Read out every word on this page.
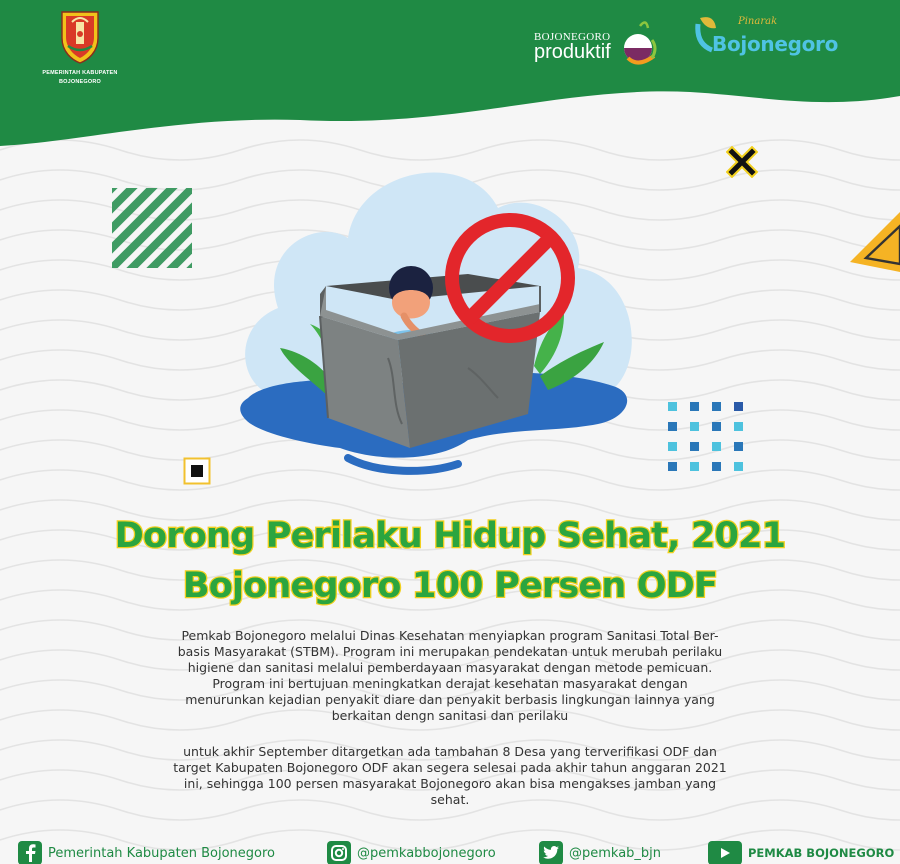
PEMERINTAH KABUPATEN
BOJONEGORO
BOJONEGORO
produktif
Pinarak
Bojonegoro
Dorong Perilaku Hidup Sehat, 2021
Bojonegoro 100 Persen ODF
Pemkab Bojonegoro melalui Dinas Kesehatan menyiapkan program Sanitasi Total Ber-
basis Masyarakat (STBM). Program ini merupakan pendekatan untuk merubah perilaku
higiene dan sanitasi melalui pemberdayaan masyarakat dengan metode pemicuan.
Program ini bertujuan meningkatkan derajat kesehatan masyarakat dengan
menurunkan kejadian penyakit diare dan penyakit berbasis lingkungan lainnya yang
berkaitan dengn sanitasi dan perilaku
untuk akhir September ditargetkan ada tambahan 8 Desa yang terverifikasi ODF dan
target Kabupaten Bojonegoro ODF akan segera selesai pada akhir tahun anggaran 2021
ini, sehingga 100 persen masyarakat Bojonegoro akan bisa mengakses jamban yang
sehat.
Pemerintah Kabupaten Bojonegoro	@pemkabbojonegoro	@pemkab_bjn	PEMKAB BOJONEGORO
